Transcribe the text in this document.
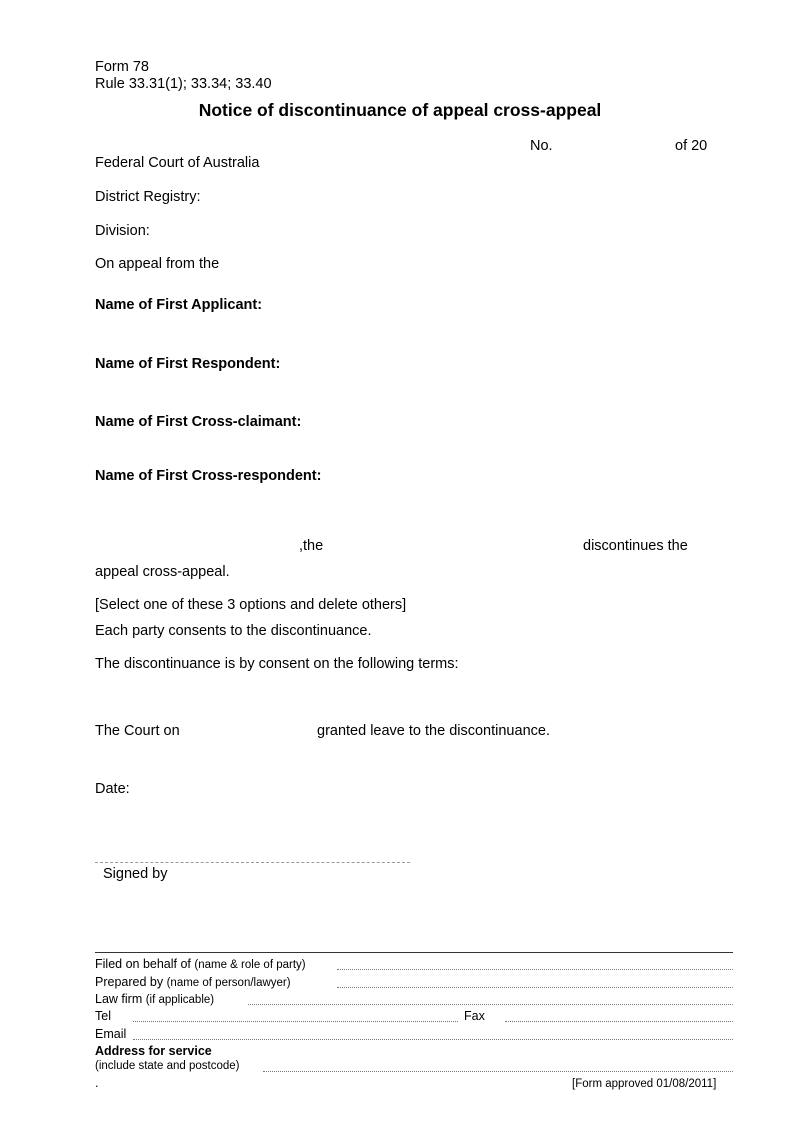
Form 78
Rule 33.31(1); 33.34; 33.40
Notice of discontinuance of appeal cross-appeal
No.	of 20
Federal Court of Australia
District Registry:
Division:
On appeal from the
Name of First Applicant:
Name of First Respondent:
Name of First Cross-claimant:
Name of First Cross-respondent:
,the	discontinues the
appeal cross-appeal.
[Select one of these 3 options and delete others]
Each party consents to the discontinuance.
The discontinuance is by consent on the following terms:
The Court on	granted leave to the discontinuance.
Date:
Signed by
Filed on behalf of (name & role of party)
Prepared by (name of person/lawyer)
Law firm (if applicable)
Tel	Fax
Email
Address for service
(include state and postcode)
.	[Form approved 01/08/2011]
